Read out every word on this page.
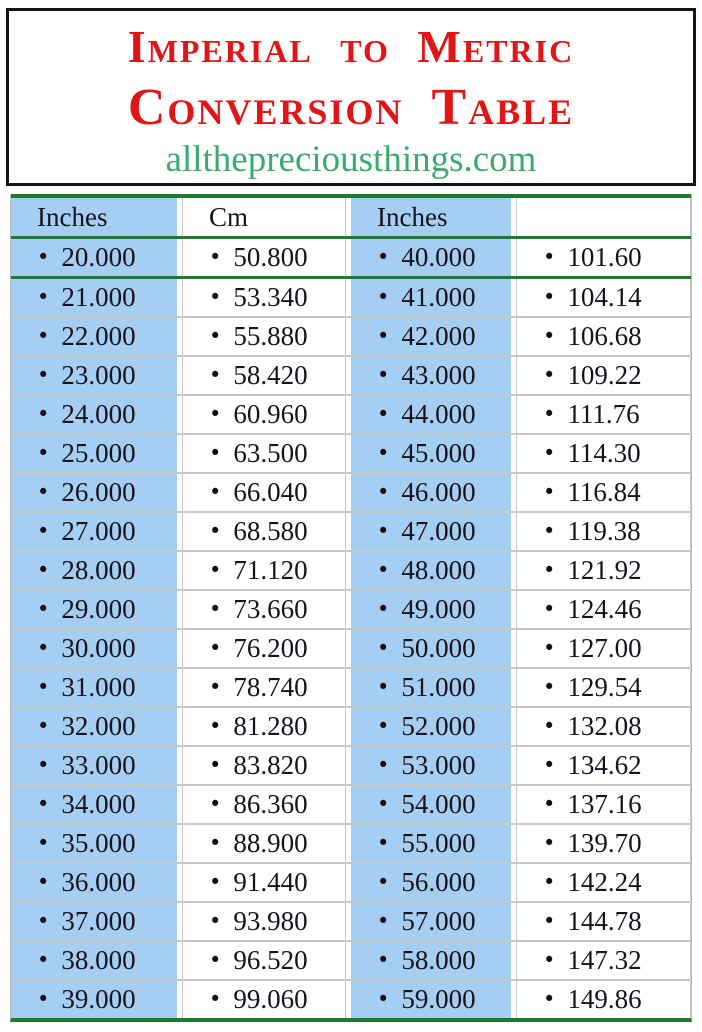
Imperial to Metric
Conversion Table
allthepreciousthings.com
Inches	Cm	Inches
• 20.000	• 50.800	• 40.000	• 101.60
• 21.000	• 53.340	• 41.000	• 104.14
• 22.000	• 55.880	• 42.000	• 106.68
• 23.000	• 58.420	• 43.000	• 109.22
• 24.000	• 60.960	• 44.000	• 111.76
• 25.000	• 63.500	• 45.000	• 114.30
• 26.000	• 66.040	• 46.000	• 116.84
• 27.000	• 68.580	• 47.000	• 119.38
• 28.000	• 71.120	• 48.000	• 121.92
• 29.000	• 73.660	• 49.000	• 124.46
• 30.000	• 76.200	• 50.000	• 127.00
• 31.000	• 78.740	• 51.000	• 129.54
• 32.000	• 81.280	• 52.000	• 132.08
• 33.000	• 83.820	• 53.000	• 134.62
• 34.000	• 86.360	• 54.000	• 137.16
• 35.000	• 88.900	• 55.000	• 139.70
• 36.000	• 91.440	• 56.000	• 142.24
• 37.000	• 93.980	• 57.000	• 144.78
• 38.000	• 96.520	• 58.000	• 147.32
• 39.000	• 99.060	• 59.000	• 149.86
